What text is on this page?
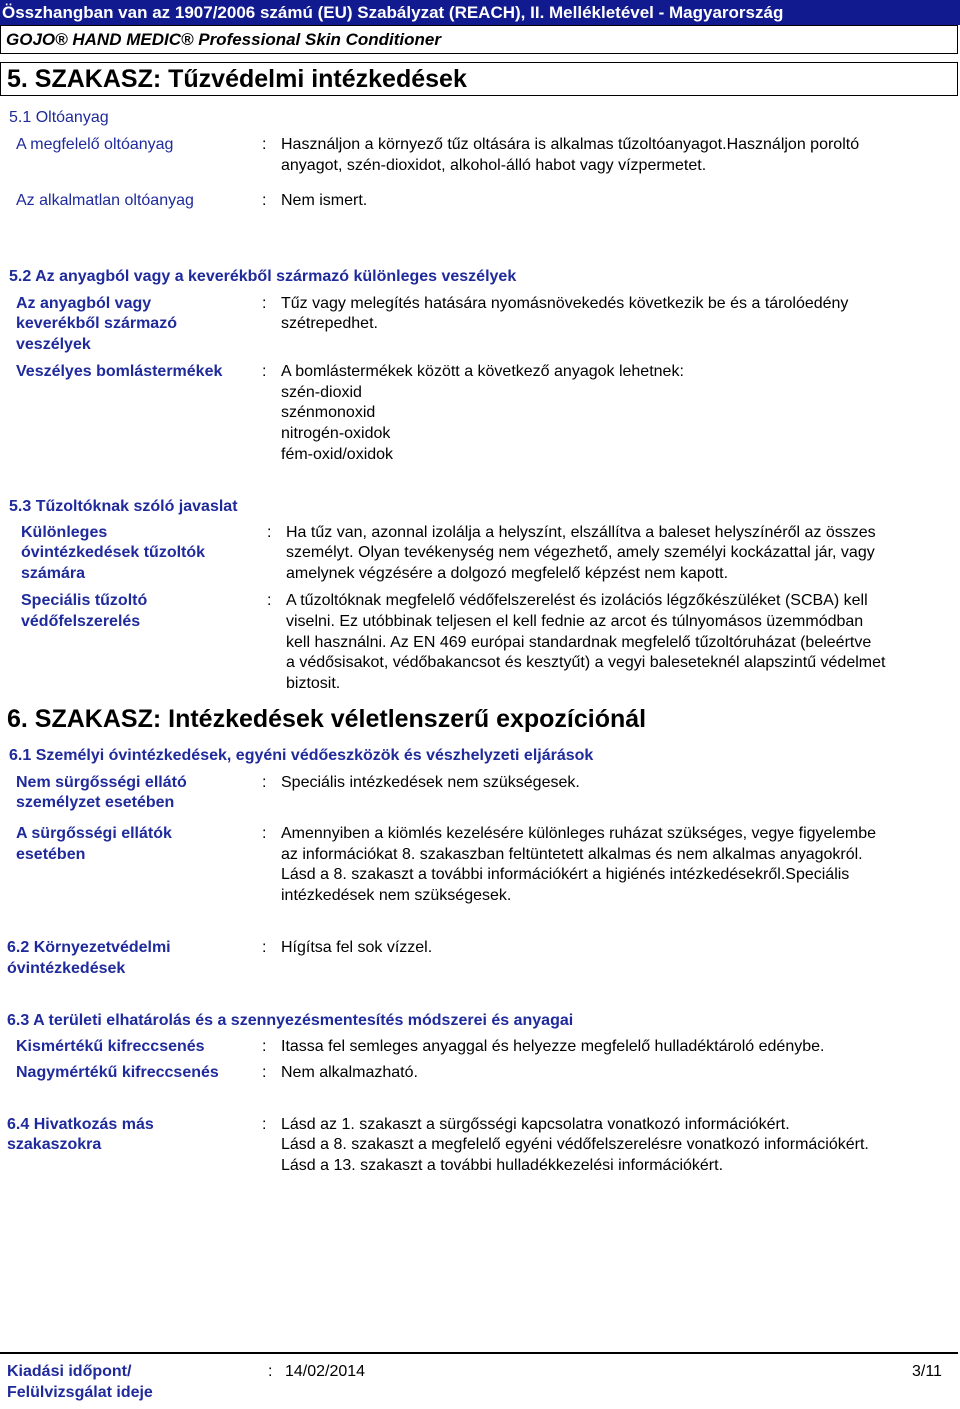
Összhangban van az 1907/2006 számú (EU) Szabályzat (REACH), II. Mellékletével - Magyarország
GOJO® HAND MEDIC® Professional Skin Conditioner
5. SZAKASZ: Tűzvédelmi intézkedések
5.1 Oltóanyag
A megfelelő oltóanyag	: Használjon a környező tűz oltására is alkalmas tűzoltóanyagot.Használjon poroltó
anyagot, szén-dioxidot, alkohol-álló habot vagy vízpermetet.
Az alkalmatlan oltóanyag	: Nem ismert.
5.2 Az anyagból vagy a keverékből származó különleges veszélyek
Az anyagból vagy
keverékből származó
veszélyek
: Tűz vagy melegítés hatására nyomásnövekedés következik be és a tárolóedény
szétrepedhet.
Veszélyes bomlástermékek : A bomlástermékek között a következő anyagok lehetnek:
szén-dioxid
szénmonoxid
nitrogén-oxidok
fém-oxid/oxidok
5.3 Tűzoltóknak szóló javaslat
Különleges
óvintézkedések tűzoltók
számára
: Ha tűz van, azonnal izolálja a helyszínt, elszállítva a baleset helyszínéről az összes
személyt. Olyan tevékenység nem végezhető, amely személyi kockázattal jár, vagy
amelynek végzésére a dolgozó megfelelő képzést nem kapott.
Speciális tűzoltó
védőfelszerelés
: A tűzoltóknak megfelelő védőfelszerelést és izolációs légzőkészüléket (SCBA) kell
viselni. Ez utóbbinak teljesen el kell fednie az arcot és túlnyomásos üzemmódban
kell használni. Az EN 469 európai standardnak megfelelő tűzoltóruházat (beleértve
a védősisakot, védőbakancsot és kesztyűt) a vegyi baleseteknél alapszintű védelmet
biztosit.
6. SZAKASZ: Intézkedések véletlenszerű expozíciónál
6.1 Személyi óvintézkedések, egyéni védőeszközök és vészhelyzeti eljárások
Nem sürgősségi ellátó
személyzet esetében
: Speciális intézkedések nem szükségesek.
A sürgősségi ellátók
esetében
: Amennyiben a kiömlés kezelésére különleges ruházat szükséges, vegye figyelembe
az információkat 8. szakaszban feltüntetett alkalmas és nem alkalmas anyagokról.
Lásd a 8. szakaszt a további információkért a higiénés intézkedésekről.Speciális
intézkedések nem szükségesek.
6.2 Környezetvédelmi
óvintézkedések
: Hígítsa fel sok vízzel.
6.3 A területi elhatárolás és a szennyezésmentesítés módszerei és anyagai
Kismértékű kifreccsenés	: Itassa fel semleges anyaggal és helyezze megfelelő hulladéktároló edénybe.
Nagymértékű kifreccsenés	: Nem alkalmazható.
6.4 Hivatkozás más
szakaszokra
: Lásd az 1. szakaszt a sürgősségi kapcsolatra vonatkozó információkért.
Lásd a 8. szakaszt a megfelelő egyéni védőfelszerelésre vonatkozó információkért.
Lásd a 13. szakaszt a további hulladékkezelési információkért.
Kiadási időpont/
Felülvizsgálat ideje
: 14/02/2014	3/11
